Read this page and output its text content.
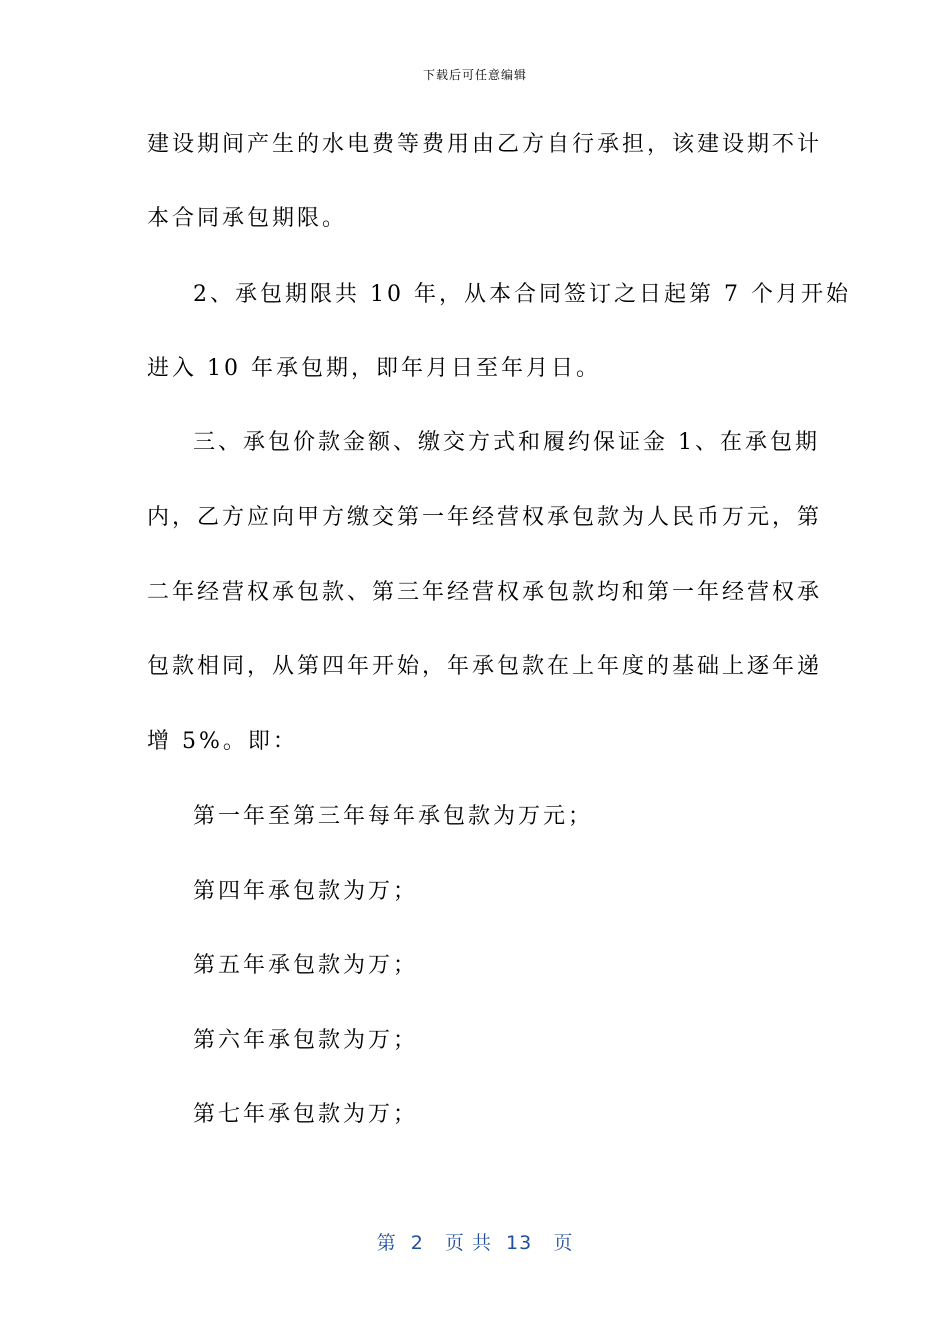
下载后可任意编辑
建设期间产生的水电费等费用由乙方自行承担，该建设期不计
本合同承包期限。
2、承包期限共 10 年，从本合同签订之日起第 7 个月开始
进入 10 年承包期，即年月日至年月日。
三、承包价款金额、缴交方式和履约保证金 1、在承包期
内，乙方应向甲方缴交第一年经营权承包款为人民币万元，第
二年经营权承包款、第三年经营权承包款均和第一年经营权承
包款相同，从第四年开始，年承包款在上年度的基础上逐年递
增 5%。即：
第一年至第三年每年承包款为万元；
第四年承包款为万；
第五年承包款为万；
第六年承包款为万；
第七年承包款为万；
第  2   页 共  13   页
